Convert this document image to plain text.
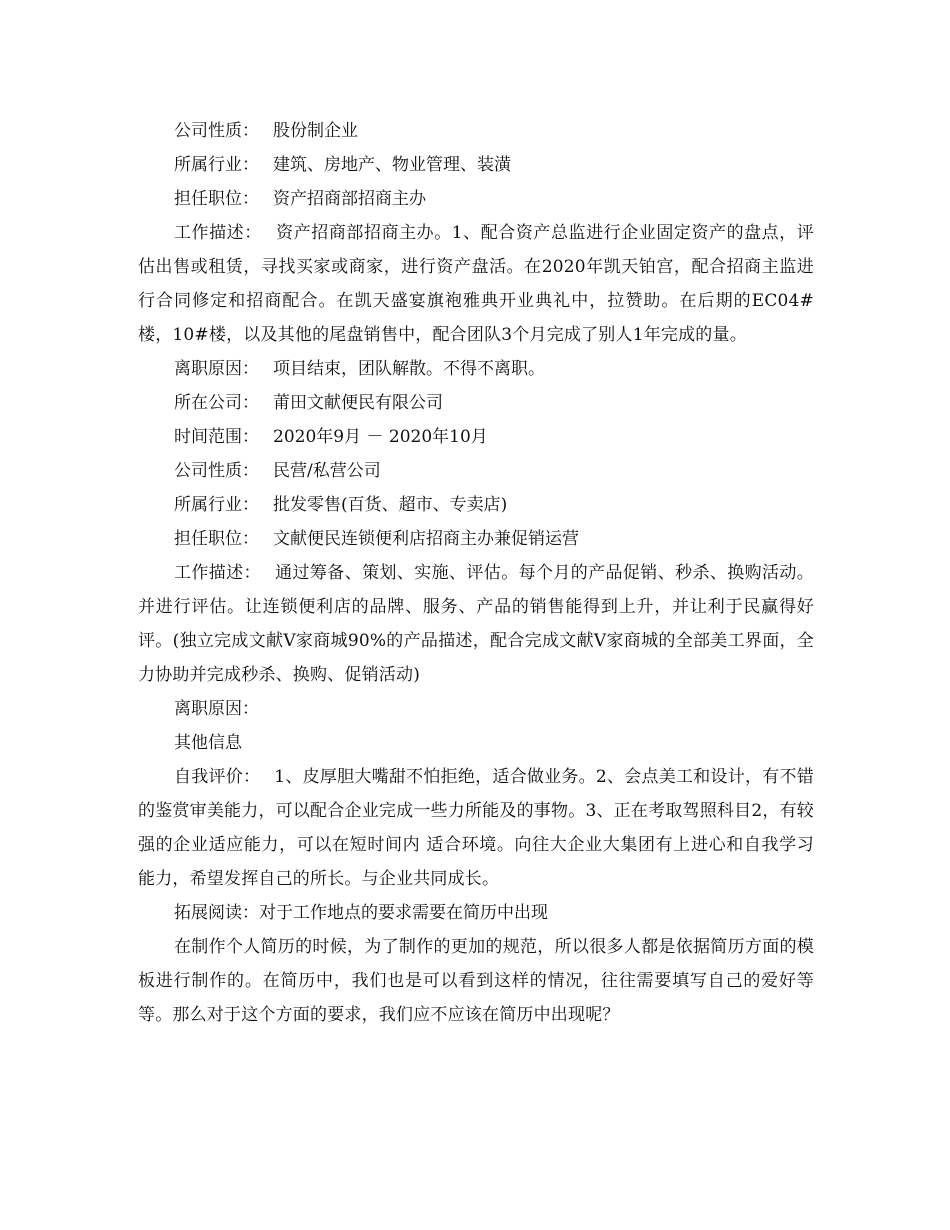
公司性质： 股份制企业

所属行业： 建筑、房地产、物业管理、装潢

担任职位： 资产招商部招商主办

工作描述： 资产招商部招商主办。1、配合资产总监进行企业固定资产的盘点，评估出售或租赁，寻找买家或商家，进行资产盘活。在2020年凯天铂宫，配合招商主监进行合同修定和招商配合。在凯天盛宴旗袍雅典开业典礼中，拉赞助。在后期的EC04#楼，10#楼，以及其他的尾盘销售中，配合团队3个月完成了别人1年完成的量。

离职原因： 项目结束，团队解散。不得不离职。

所在公司： 莆田文献便民有限公司

时间范围： 2020年9月 － 2020年10月

公司性质： 民营/私营公司

所属行业： 批发零售(百货、超市、专卖店)

担任职位： 文献便民连锁便利店招商主办兼促销运营

工作描述： 通过筹备、策划、实施、评估。每个月的产品促销、秒杀、换购活动。并进行评估。让连锁便利店的品牌、服务、产品的销售能得到上升，并让利于民赢得好评。(独立完成文献Ⅴ家商城90%的产品描述，配合完成文献Ⅴ家商城的全部美工界面，全力协助并完成秒杀、换购、促销活动)

离职原因：

其他信息

自我评价： 1、皮厚胆大嘴甜不怕拒绝，适合做业务。2、会点美工和设计，有不错的鉴赏审美能力，可以配合企业完成一些力所能及的事物。3、正在考取驾照科目2，有较强的企业适应能力，可以在短时间内 适合环境。向往大企业大集团有上进心和自我学习能力，希望发挥自己的所长。与企业共同成长。

拓展阅读：对于工作地点的要求需要在简历中出现

在制作个人简历的时候，为了制作的更加的规范，所以很多人都是依据简历方面的模板进行制作的。在简历中，我们也是可以看到这样的情况，往往需要填写自己的爱好等等。那么对于这个方面的要求，我们应不应该在简历中出现呢？
